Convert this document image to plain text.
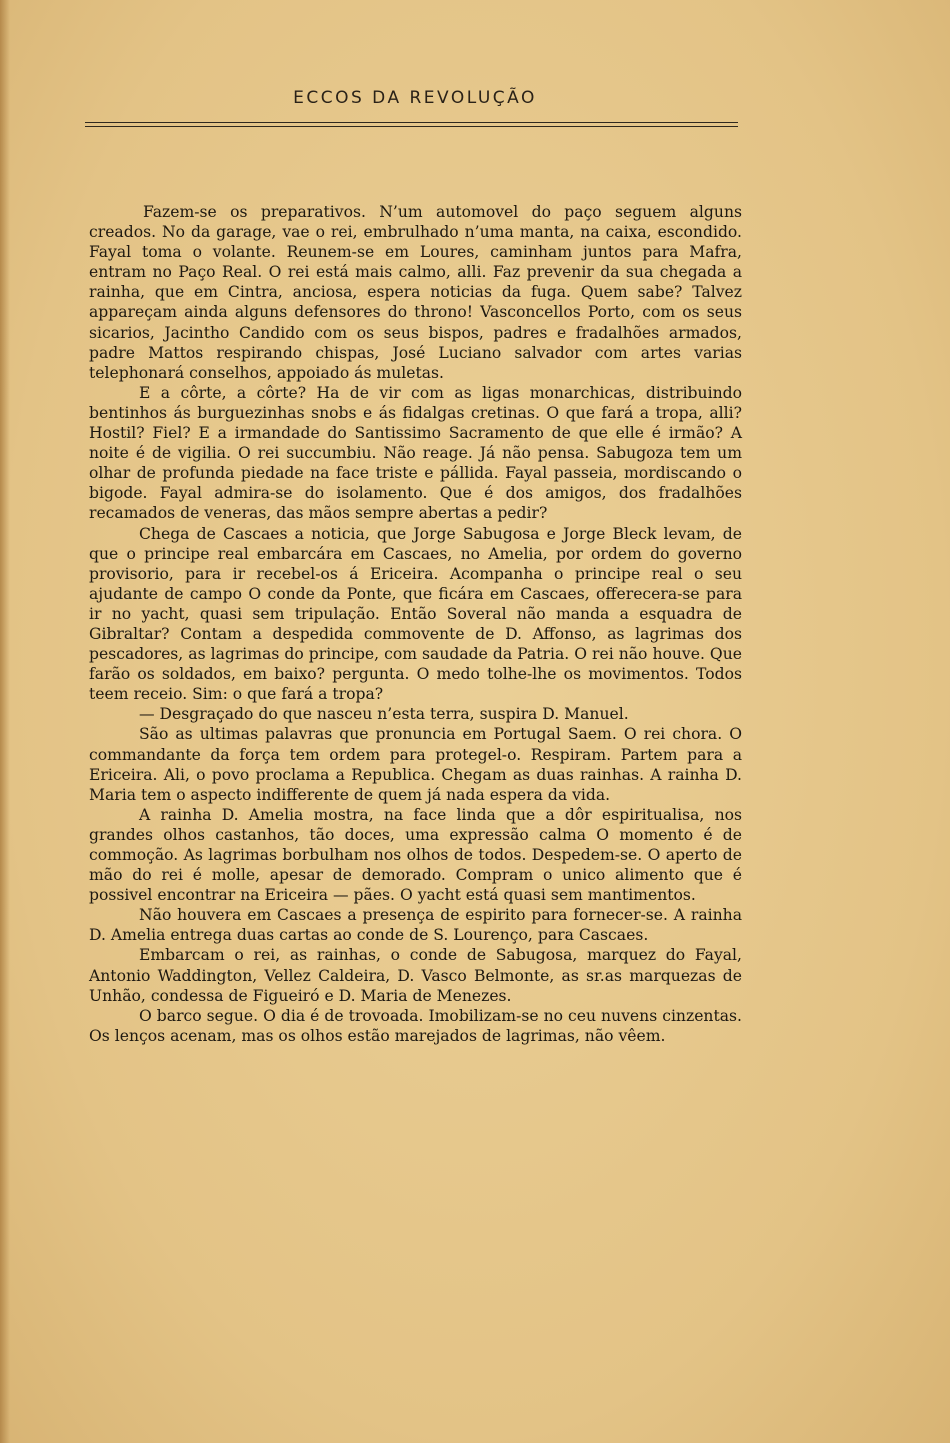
ECCOS DA REVOLUÇÃO

Fazem-se os preparativos. N’um automovel do paço seguem alguns creados. No da garage, vae o rei, embrulhado n’uma manta, na caixa, escondido. Fayal toma o volante. Reunem-se em Loures, caminham juntos para Mafra, entram no Paço Real. O rei está mais calmo, alli. Faz prevenir da sua chegada a rainha, que em Cintra, anciosa, espera noticias da fuga. Quem sabe? Talvez appareçam ainda alguns defensores do throno! Vasconcellos Porto, com os seus sicarios, Jacintho Candido com os seus bispos, padres e fradalhões armados, padre Mattos respirando chispas, José Luciano salvador com artes varias telephonará conselhos, appoiado ás muletas.

E a côrte, a côrte? Ha de vir com as ligas monarchicas, distribuindo bentinhos ás burguezinhas snobs e ás fidalgas cretinas. O que fará a tropa, alli? Hostil? Fiel? E a irmandade do Santissimo Sacramento de que elle é irmão? A noite é de vigilia. O rei succumbiu. Não reage. Já não pensa. Sabugoza tem um olhar de profunda piedade na face triste e pállida. Fayal passeia, mordiscando o bigode. Fayal admira-se do isolamento. Que é dos amigos, dos fradalhões recamados de veneras, das mãos sempre abertas a pedir?

Chega de Cascaes a noticia, que Jorge Sabugosa e Jorge Bleck levam, de que o principe real embarcára em Cascaes, no Amelia, por ordem do governo provisorio, para ir recebel-os á Ericeira. Acompanha o principe real o seu ajudante de campo O conde da Ponte, que ficára em Cascaes, offerecera-se para ir no yacht, quasi sem tripulação. Então Soveral não manda a esquadra de Gibraltar? Contam a despedida commovente de D. Affonso, as lagrimas dos pescadores, as lagrimas do principe, com saudade da Patria. O rei não houve. Que farão os soldados, em baixo? pergunta. O medo tolhe-lhe os movimentos. Todos teem receio. Sim: o que fará a tropa?

— Desgraçado do que nasceu n’esta terra, suspira D. Manuel.

São as ultimas palavras que pronuncia em Portugal Saem. O rei chora. O commandante da força tem ordem para protegel-o. Respiram. Partem para a Ericeira. Ali, o povo proclama a Republica. Chegam as duas rainhas. A rainha D. Maria tem o aspecto indifferente de quem já nada espera da vida.

A rainha D. Amelia mostra, na face linda que a dôr espiritualisa, nos grandes olhos castanhos, tão doces, uma expressão calma O momento é de commoção. As lagrimas borbulham nos olhos de todos. Despedem-se. O aperto de mão do rei é molle, apesar de demorado. Compram o unico alimento que é possivel encontrar na Ericeira — pães. O yacht está quasi sem mantimentos.

Não houvera em Cascaes a presença de espirito para fornecer-se. A rainha D. Amelia entrega duas cartas ao conde de S. Lourenço, para Cascaes.

Embarcam o rei, as rainhas, o conde de Sabugosa, marquez do Fayal, Antonio Waddington, Vellez Caldeira, D. Vasco Belmonte, as sr.as marquezas de Unhão, condessa de Figueiró e D. Maria de Menezes.

O barco segue. O dia é de trovoada. Imobilizam-se no ceu nuvens cinzentas. Os lenços acenam, mas os olhos estão marejados de lagrimas, não vêem.
